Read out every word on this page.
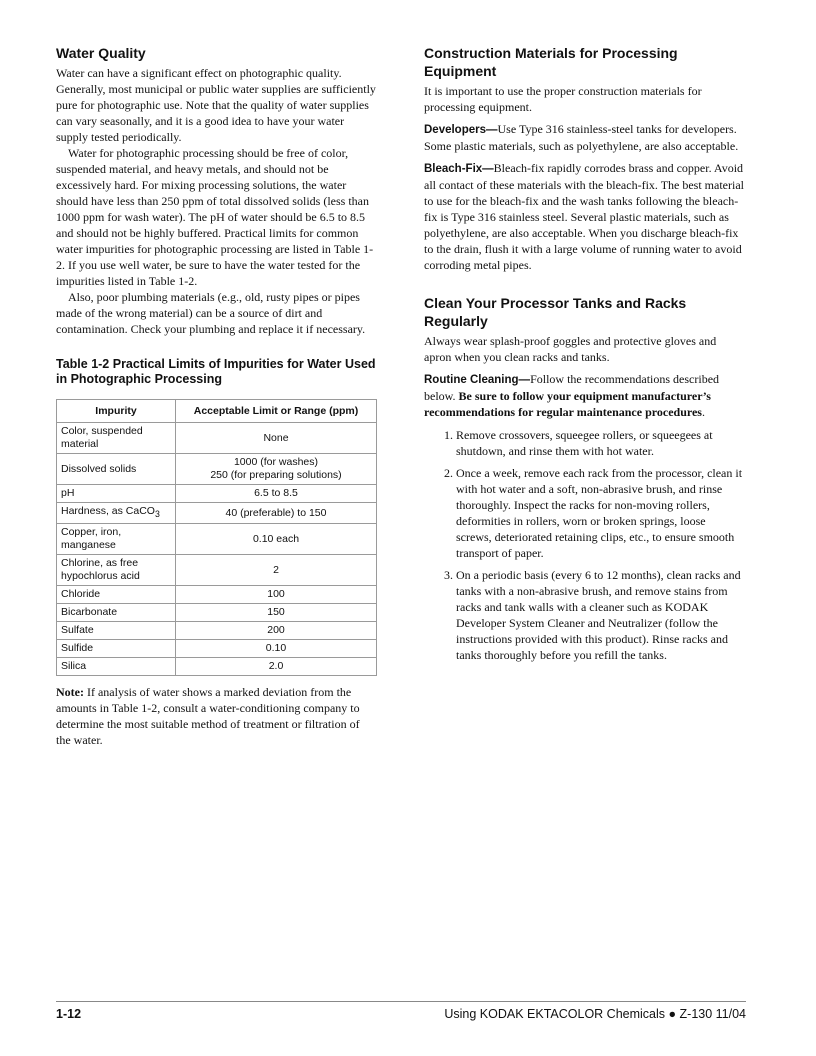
Water Quality

Water can have a significant effect on photographic quality. Generally, most municipal or public water supplies are sufficiently pure for photographic use. Note that the quality of water supplies can vary seasonally, and it is a good idea to have your water supply tested periodically.

Water for photographic processing should be free of color, suspended material, and heavy metals, and should not be excessively hard. For mixing processing solutions, the water should have less than 250 ppm of total dissolved solids (less than 1000 ppm for wash water). The pH of water should be 6.5 to 8.5 and should not be highly buffered. Practical limits for common water impurities for photographic processing are listed in Table 1-2. If you use well water, be sure to have the water tested for the impurities listed in Table 1-2.

Also, poor plumbing materials (e.g., old, rusty pipes or pipes made of the wrong material) can be a source of dirt and contamination. Check your plumbing and replace it if necessary.

Table 1-2 Practical Limits of Impurities for Water Used in Photographic Processing
Impurity	Acceptable Limit or Range (ppm)
Color, suspended material	None
Dissolved solids	1000 (for washes)
250 (for preparing solutions)

pH	6.5 to 8.5
Hardness, as CaCO$_3$	40 (preferable) to 150
Copper, iron, manganese	0.10 each
Chlorine, as free hypochlorus acid	2
Chloride	100
Bicarbonate	150
Sulfate	200
Sulfide	0.10
Silica	2.0

Note: If analysis of water shows a marked deviation from the amounts in Table 1-2, consult a water-conditioning company to determine the most suitable method of treatment or filtration of the water.

Construction Materials for Processing Equipment

It is important to use the proper construction materials for processing equipment.

Developers—Use Type 316 stainless-steel tanks for developers. Some plastic materials, such as polyethylene, are also acceptable.

Bleach-Fix—Bleach-fix rapidly corrodes brass and copper. Avoid all contact of these materials with the bleach-fix. The best material to use for the bleach-fix and the wash tanks following the bleach-fix is Type 316 stainless steel. Several plastic materials, such as polyethylene, are also acceptable. When you discharge bleach-fix to the drain, flush it with a large volume of running water to avoid corroding metal pipes.

Clean Your Processor Tanks and Racks Regularly

Always wear splash-proof goggles and protective gloves and apron when you clean racks and tanks.

Routine Cleaning—Follow the recommendations described below. Be sure to follow your equipment manufacturer’s recommendations for regular maintenance procedures.

1. Remove crossovers, squeegee rollers, or squeegees at shutdown, and rinse them with hot water.
2. Once a week, remove each rack from the processor, clean it with hot water and a soft, non-abrasive brush, and rinse thoroughly. Inspect the racks for non-moving rollers, deformities in rollers, worn or broken springs, loose screws, deteriorated retaining clips, etc., to ensure smooth transport of paper.
3. On a periodic basis (every 6 to 12 months), clean racks and tanks with a non-abrasive brush, and remove stains from racks and tank walls with a cleaner such as KODAK Developer System Cleaner and Neutralizer (follow the instructions provided with this product). Rinse racks and tanks thoroughly before you refill the tanks.
1-12	Using KODAK EKTACOLOR Chemicals ● Z-130 11/04
